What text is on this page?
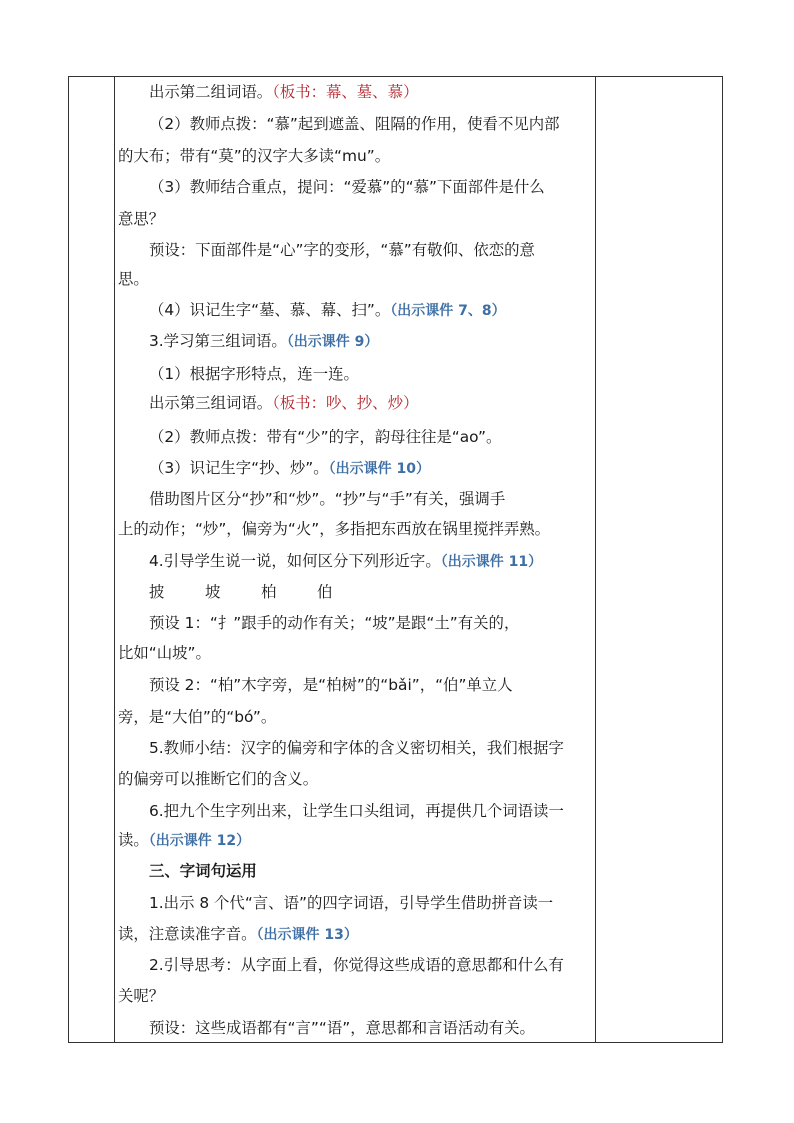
出示第二组词语。（板书：幕、墓、慕）
（2）教师点拨：“慕”起到遮盖、阻隔的作用，使看不见内部
的大布；带有“莫”的汉字大多读“mu”。
（3）教师结合重点，提问：“爱慕”的“慕”下面部件是什么
意思？
预设：下面部件是“心”字的变形，“慕”有敬仰、依恋的意
思。
（4）识记生字“墓、慕、幕、扫”。（出示课件 7、8）
3.学习第三组词语。（出示课件 9）
（1）根据字形特点，连一连。
出示第三组词语。（板书：吵、抄、炒）
（2）教师点拨：带有“少”的字，韵母往往是“ao”。
（3）识记生字“抄、炒”。（出示课件 10）
借助图片区分“抄”和“炒”。“抄”与“手”有关，强调手
上的动作；“炒”，偏旁为“火”，多指把东西放在锅里搅拌弄熟。
4.引导学生说一说，如何区分下列形近字。（出示课件 11）
披	坡	柏	伯
预设 1：“扌”跟手的动作有关；“坡”是跟“土”有关的，
比如“山坡”。
预设 2：“柏”木字旁，是“柏树”的“bǎi”，“伯”单立人
旁，是“大伯”的“bó”。
5.教师小结：汉字的偏旁和字体的含义密切相关，我们根据字
的偏旁可以推断它们的含义。
6.把九个生字列出来，让学生口头组词，再提供几个词语读一
读。（出示课件 12）
三、字词句运用
1.出示 8 个代“言、语”的四字词语，引导学生借助拼音读一
读，注意读准字音。（出示课件 13）
2.引导思考：从字面上看，你觉得这些成语的意思都和什么有
关呢？
预设：这些成语都有“言”“语”，意思都和言语活动有关。
